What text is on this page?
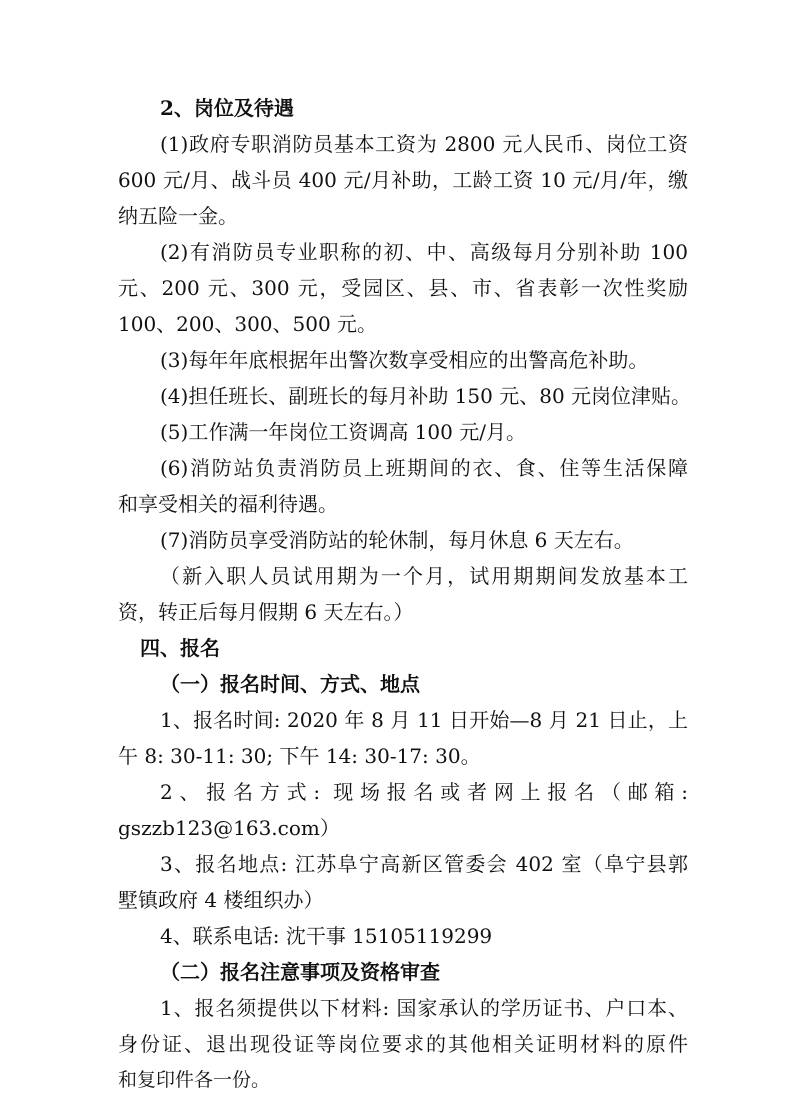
2、岗位及待遇
(1)政府专职消防员基本工资为 2800 元人民币、岗位工资
600 元/月、战斗员 400 元/月补助，工龄工资 10 元/月/年，缴
纳五险一金。
(2)有消防员专业职称的初、中、高级每月分别补助 100
元、200 元、300 元，受园区、县、市、省表彰一次性奖励
100、200、300、500 元。
(3)每年年底根据年出警次数享受相应的出警高危补助。
(4)担任班长、副班长的每月补助 150 元、80 元岗位津贴。
(5)工作满一年岗位工资调高 100 元/月。
(6)消防站负责消防员上班期间的衣、食、住等生活保障
和享受相关的福利待遇。
(7)消防员享受消防站的轮休制，每月休息 6 天左右。
（新入职人员试用期为一个月，试用期期间发放基本工
资，转正后每月假期 6 天左右。）
四、报名
（一）报名时间、方式、地点
1、报名时间: 2020 年 8 月 11 日开始—8 月 21 日止，上
午 8: 30-11: 30; 下午 14: 30-17: 30。
2、报名方式: 现场报名或者网上报名（邮箱:
gszzb123@163.com）
3、报名地点: 江苏阜宁高新区管委会 402 室（阜宁县郭
墅镇政府 4 楼组织办）
4、联系电话: 沈干事 15105119299
（二）报名注意事项及资格审查
1、报名须提供以下材料: 国家承认的学历证书、户口本、
身份证、退出现役证等岗位要求的其他相关证明材料的原件
和复印件各一份。
